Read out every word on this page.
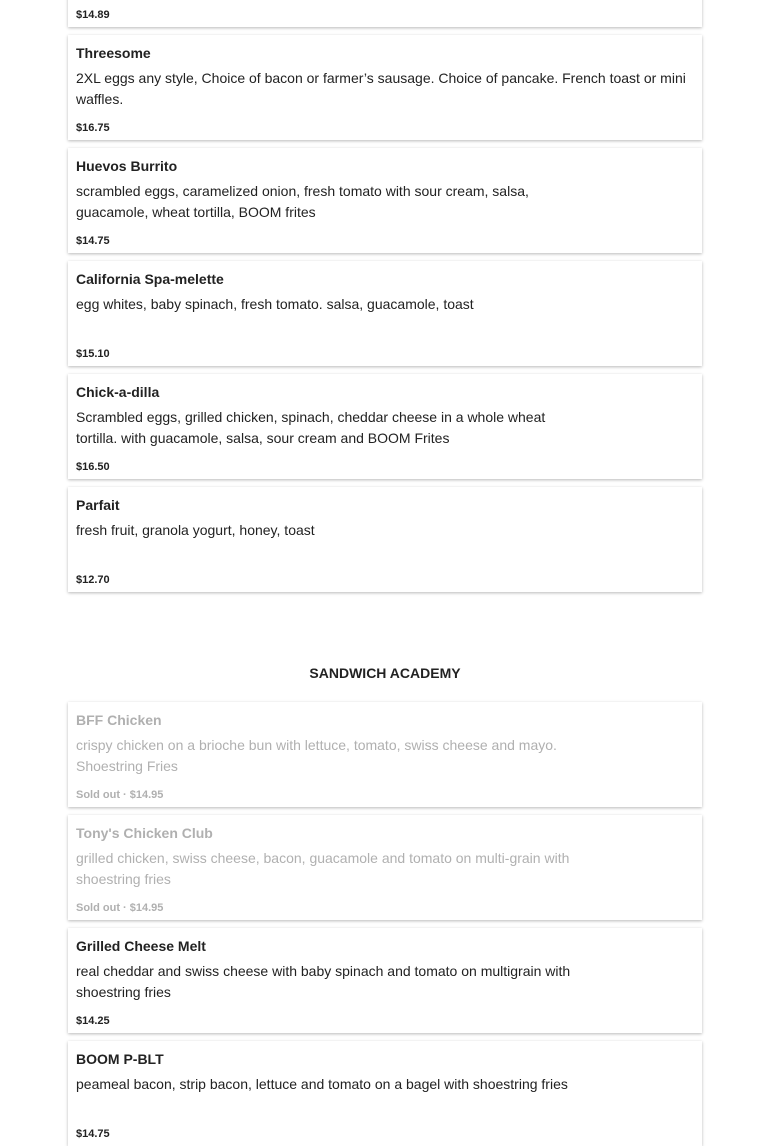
$14.89
Threesome
2XL eggs any style, Choice of bacon or farmer’s sausage. Choice of pancake. French toast or mini waffles.
$16.75
Huevos Burrito
scrambled eggs, caramelized onion, fresh tomato with sour cream, salsa, guacamole, wheat tortilla, BOOM frites
$14.75
California Spa-melette
egg whites, baby spinach, fresh tomato. salsa, guacamole, toast
$15.10
Chick-a-dilla
Scrambled eggs, grilled chicken, spinach, cheddar cheese in a whole wheat tortilla. with guacamole, salsa, sour cream and BOOM Frites
$16.50
Parfait
fresh fruit, granola yogurt, honey, toast
$12.70
SANDWICH ACADEMY
BFF Chicken
crispy chicken on a brioche bun with lettuce, tomato, swiss cheese and mayo. Shoestring Fries
Sold out · $14.95
Tony's Chicken Club
grilled chicken, swiss cheese, bacon, guacamole and tomato on multi-grain with shoestring fries
Sold out · $14.95
Grilled Cheese Melt
real cheddar and swiss cheese with baby spinach and tomato on multigrain with shoestring fries
$14.25
BOOM P-BLT
peameal bacon, strip bacon, lettuce and tomato on a bagel with shoestring fries
$14.75
